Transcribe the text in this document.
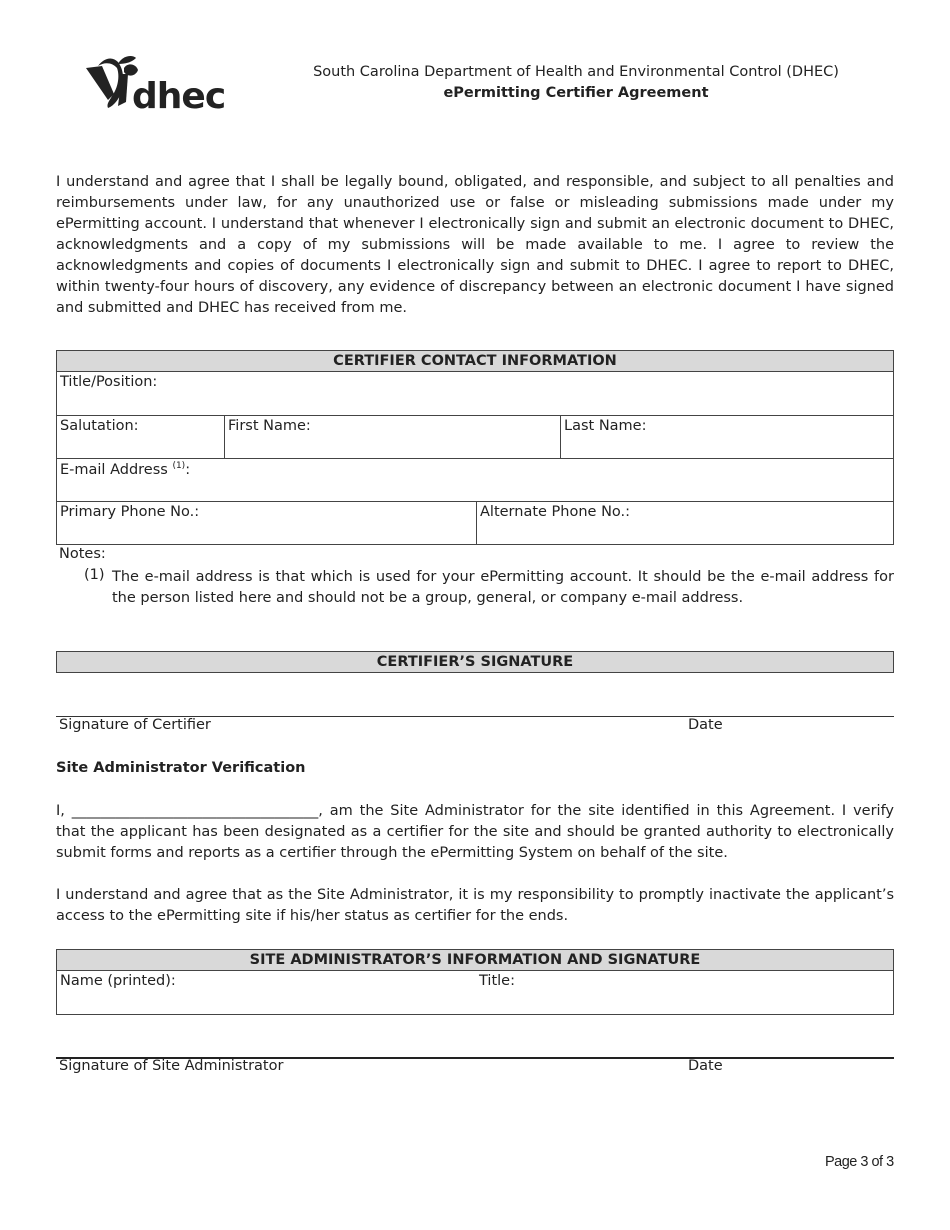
dhec
South Carolina Department of Health and Environmental Control (DHEC)
ePermitting Certifier Agreement

I understand and agree that I shall be legally bound, obligated, and responsible, and subject to all penalties and reimbursements under law, for any unauthorized use or false or misleading submissions made under my ePermitting account. I understand that whenever I electronically sign and submit an electronic document to DHEC, acknowledgments and a copy of my submissions will be made available to me. I agree to review the acknowledgments and copies of documents I electronically sign and submit to DHEC. I agree to report to DHEC, within twenty-four hours of discovery, any evidence of discrepancy between an electronic document I have signed and submitted and DHEC has received from me.

CERTIFIER CONTACT INFORMATION
Title/Position:
Salutation:	First Name:	Last Name:
E-mail Address $^{(1)}$:
Primary Phone No.:	Alternate Phone No.:
Notes:
(1) The e-mail address is that which is used for your ePermitting account. It should be the e-mail address for the person listed here and should not be a group, general, or company e-mail address.
CERTIFIER’S SIGNATURE
Signature of Certifier	Date
Site Administrator Verification

I, __________________________________, am the Site Administrator for the site identified in this Agreement. I verify that the applicant has been designated as a certifier for the site and should be granted authority to electronically submit forms and reports as a certifier through the ePermitting System on behalf of the site.

I understand and agree that as the Site Administrator, it is my responsibility to promptly inactivate the applicant’s access to the ePermitting site if his/her status as certifier for the ends.

SITE ADMINISTRATOR’S INFORMATION AND SIGNATURE
Name (printed):	Title:
Signature of Site Administrator	Date
Page 3 of 3
